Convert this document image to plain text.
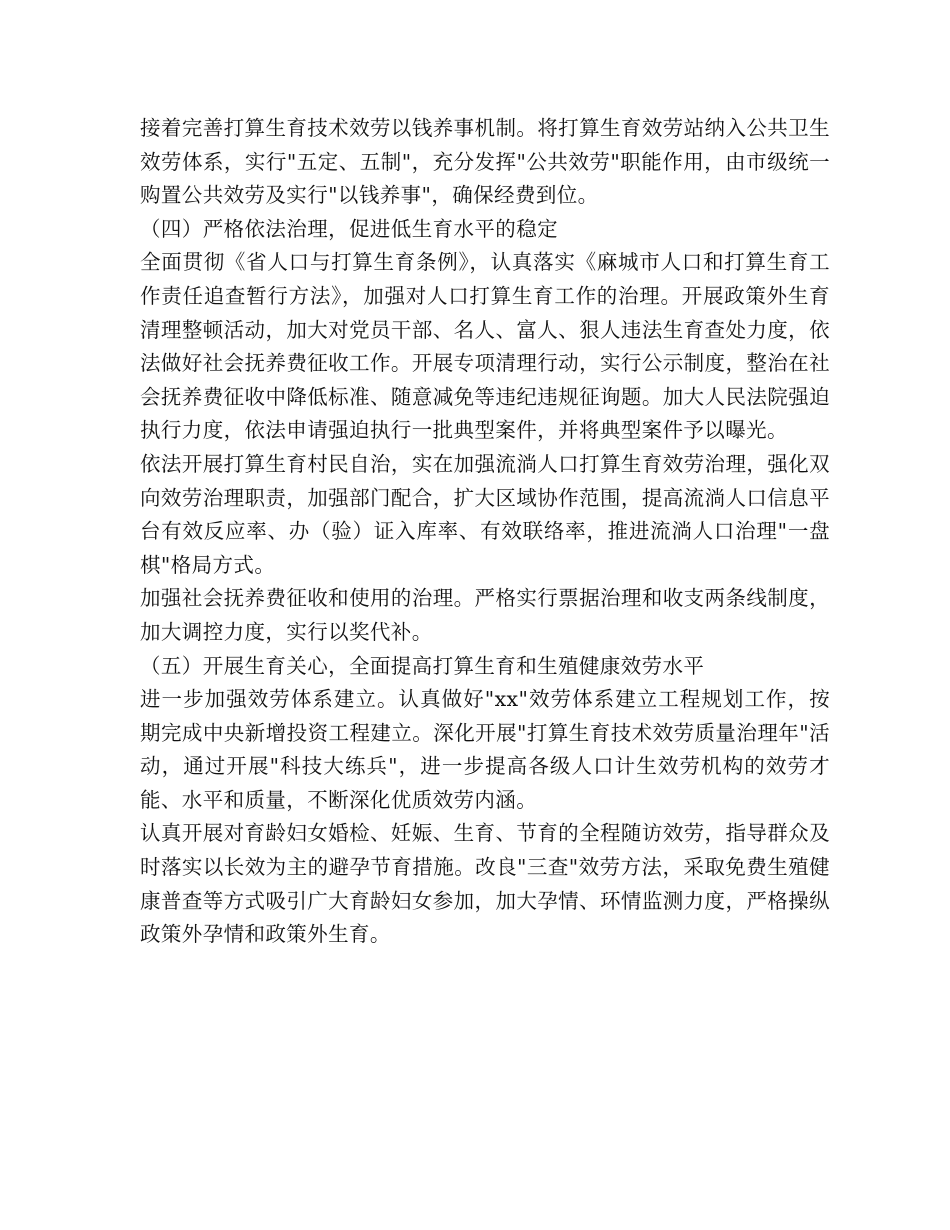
接着完善打算生育技术效劳以钱养事机制。将打算生育效劳站纳入公共卫生效劳体系，实行"五定、五制"，充分发挥"公共效劳"职能作用，由市级统一购置公共效劳及实行"以钱养事"，确保经费到位。

（四）严格依法治理，促进低生育水平的稳定

全面贯彻《省人口与打算生育条例》，认真落实《麻城市人口和打算生育工作责任追查暂行方法》，加强对人口打算生育工作的治理。开展政策外生育清理整顿活动，加大对党员干部、名人、富人、狠人违法生育查处力度，依法做好社会抚养费征收工作。开展专项清理行动，实行公示制度，整治在社会抚养费征收中降低标准、随意减免等违纪违规征询题。加大人民法院强迫执行力度，依法申请强迫执行一批典型案件，并将典型案件予以曝光。

依法开展打算生育村民自治，实在加强流淌人口打算生育效劳治理，强化双向效劳治理职责，加强部门配合，扩大区域协作范围，提高流淌人口信息平台有效反应率、办（验）证入库率、有效联络率，推进流淌人口治理"一盘棋"格局方式。

加强社会抚养费征收和使用的治理。严格实行票据治理和收支两条线制度，加大调控力度，实行以奖代补。

（五）开展生育关心，全面提高打算生育和生殖健康效劳水平

进一步加强效劳体系建立。认真做好"xx"效劳体系建立工程规划工作，按期完成中央新增投资工程建立。深化开展"打算生育技术效劳质量治理年"活动，通过开展"科技大练兵"，进一步提高各级人口计生效劳机构的效劳才能、水平和质量，不断深化优质效劳内涵。

认真开展对育龄妇女婚检、妊娠、生育、节育的全程随访效劳，指导群众及时落实以长效为主的避孕节育措施。改良"三查"效劳方法，采取免费生殖健康普查等方式吸引广大育龄妇女参加，加大孕情、环情监测力度，严格操纵政策外孕情和政策外生育。
